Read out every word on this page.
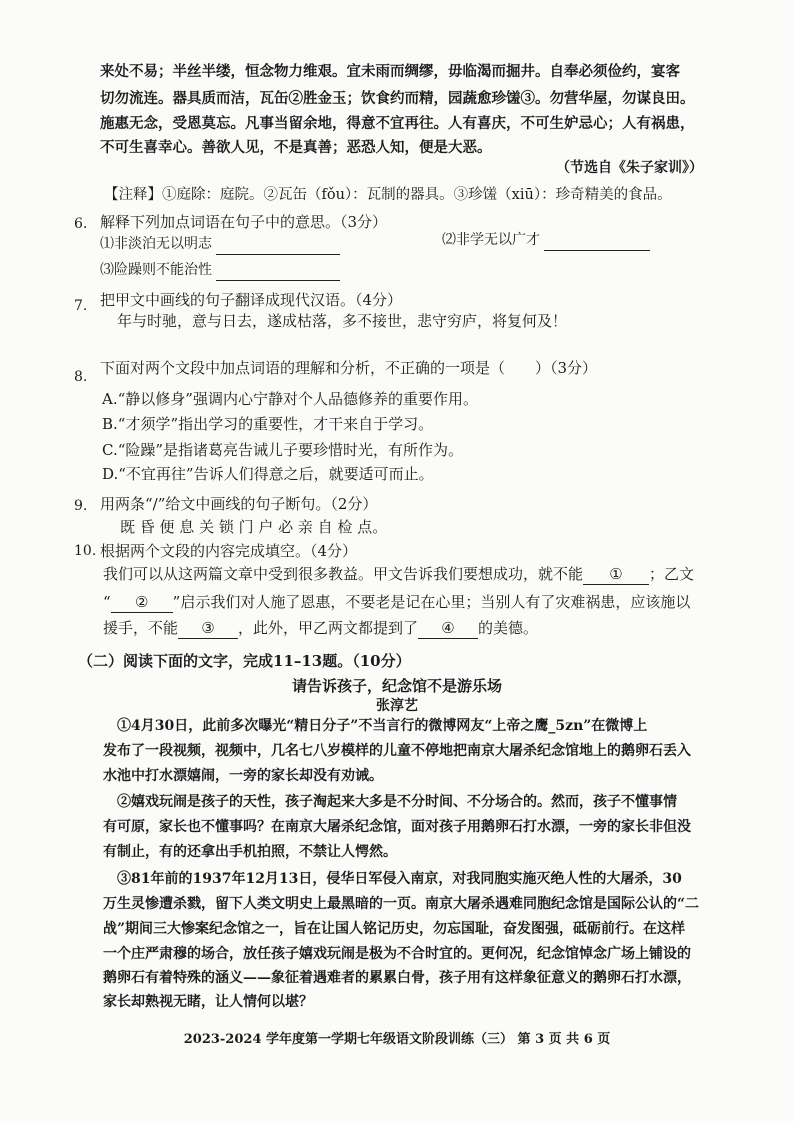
来处不易；半丝半缕，恒念物力维艰。宜未雨而绸缪，毋临渴而掘井。自奉必须俭约，宴客
切勿流连。器具质而洁，瓦缶②胜金玉；饮食约而精，园蔬愈珍馐③。勿营华屋，勿谋良田。
施惠无念，受恩莫忘。凡事当留余地，得意不宜再往。人有喜庆，不可生妒忌心；人有祸患，
不可生喜幸心。善欲人见，不是真善；恶恐人知，便是大恶。
（节选自《朱子家训》）
【注释】①庭除：庭院。②瓦缶（fǒu）：瓦制的器具。③珍馐（xiū）：珍奇精美的食品。
6. 解释下列加点词语在句子中的意思。（3分）
⑴非淡泊无以明志	⑵非学无以广才
⑶险躁则不能治性
7. 把甲文中画线的句子翻译成现代汉语。（4分）
年与时驰，意与日去，遂成枯落，多不接世，悲守穷庐，将复何及！
8. 下面对两个文段中加点词语的理解和分析，不正确的一项是（　　）（3分）
A.“静以修身”强调内心宁静对个人品德修养的重要作用。
B.“才须学”指出学习的重要性，才干来自于学习。
C.“险躁”是指诸葛亮告诫儿子要珍惜时光，有所作为。
D.“不宜再往”告诉人们得意之后，就要适可而止。
9. 用两条“/”给文中画线的句子断句。（2分）
既 昏 便 息 关 锁 门 户 必 亲 自 检 点。
10. 根据两个文段的内容完成填空。（4分）
我们可以从这两篇文章中受到很多教益。甲文告诉我们要想成功，就不能 ① ；乙文
“ ② ”启示我们对人施了恩惠，不要老是记在心里；当别人有了灾难祸患，应该施以
援手，不能 ③ ，此外，甲乙两文都提到了 ④ 的美德。
（二）阅读下面的文字，完成11–13题。（10分）
请告诉孩子，纪念馆不是游乐场
张淳艺
①4月30日，此前多次曝光“精日分子”不当言行的微博网友“上帝之鹰_5zn”在微博上
发布了一段视频，视频中，几名七八岁模样的儿童不停地把南京大屠杀纪念馆地上的鹅卵石丢入
水池中打水漂嬉闹，一旁的家长却没有劝诫。
②嬉戏玩闹是孩子的天性，孩子淘起来大多是不分时间、不分场合的。然而，孩子不懂事情
有可原，家长也不懂事吗？在南京大屠杀纪念馆，面对孩子用鹅卵石打水漂，一旁的家长非但没
有制止，有的还拿出手机拍照，不禁让人愕然。
③81年前的1937年12月13日，侵华日军侵入南京，对我同胞实施灭绝人性的大屠杀，30
万生灵惨遭杀戮，留下人类文明史上最黑暗的一页。南京大屠杀遇难同胞纪念馆是国际公认的“二
战”期间三大惨案纪念馆之一，旨在让国人铭记历史，勿忘国耻，奋发图强，砥砺前行。在这样
一个庄严肃穆的场合，放任孩子嬉戏玩闹是极为不合时宜的。更何况，纪念馆悼念广场上铺设的
鹅卵石有着特殊的涵义——象征着遇难者的累累白骨，孩子用有这样象征意义的鹅卵石打水漂，
家长却熟视无睹，让人情何以堪？
2023-2024 学年度第一学期七年级语文阶段训练（三） 第 3 页 共 6 页
